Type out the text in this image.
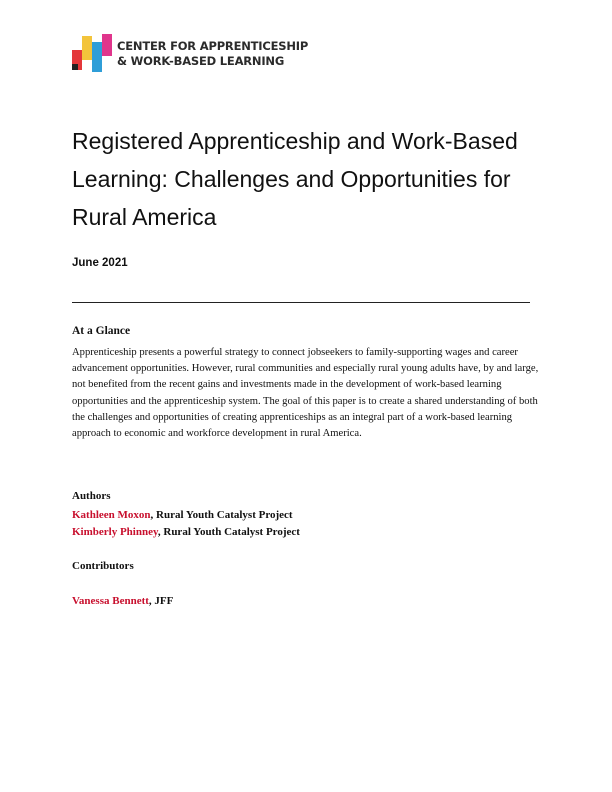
CENTER FOR APPRENTICESHIP
& WORK-BASED LEARNING
Registered Apprenticeship and Work-Based Learning: Challenges and Opportunities for Rural America
June 2021
At a Glance

Apprenticeship presents a powerful strategy to connect jobseekers to family-supporting wages and career advancement opportunities. However, rural communities and especially rural young adults have, by and large, not benefited from the recent gains and investments made in the development of work-based learning opportunities and the apprenticeship system. The goal of this paper is to create a shared understanding of both the challenges and opportunities of creating apprenticeships as an integral part of a work-based learning approach to economic and workforce development in rural America.

Authors
Kathleen Moxon, Rural Youth Catalyst Project
Kimberly Phinney, Rural Youth Catalyst Project
Contributors
Vanessa Bennett, JFF
